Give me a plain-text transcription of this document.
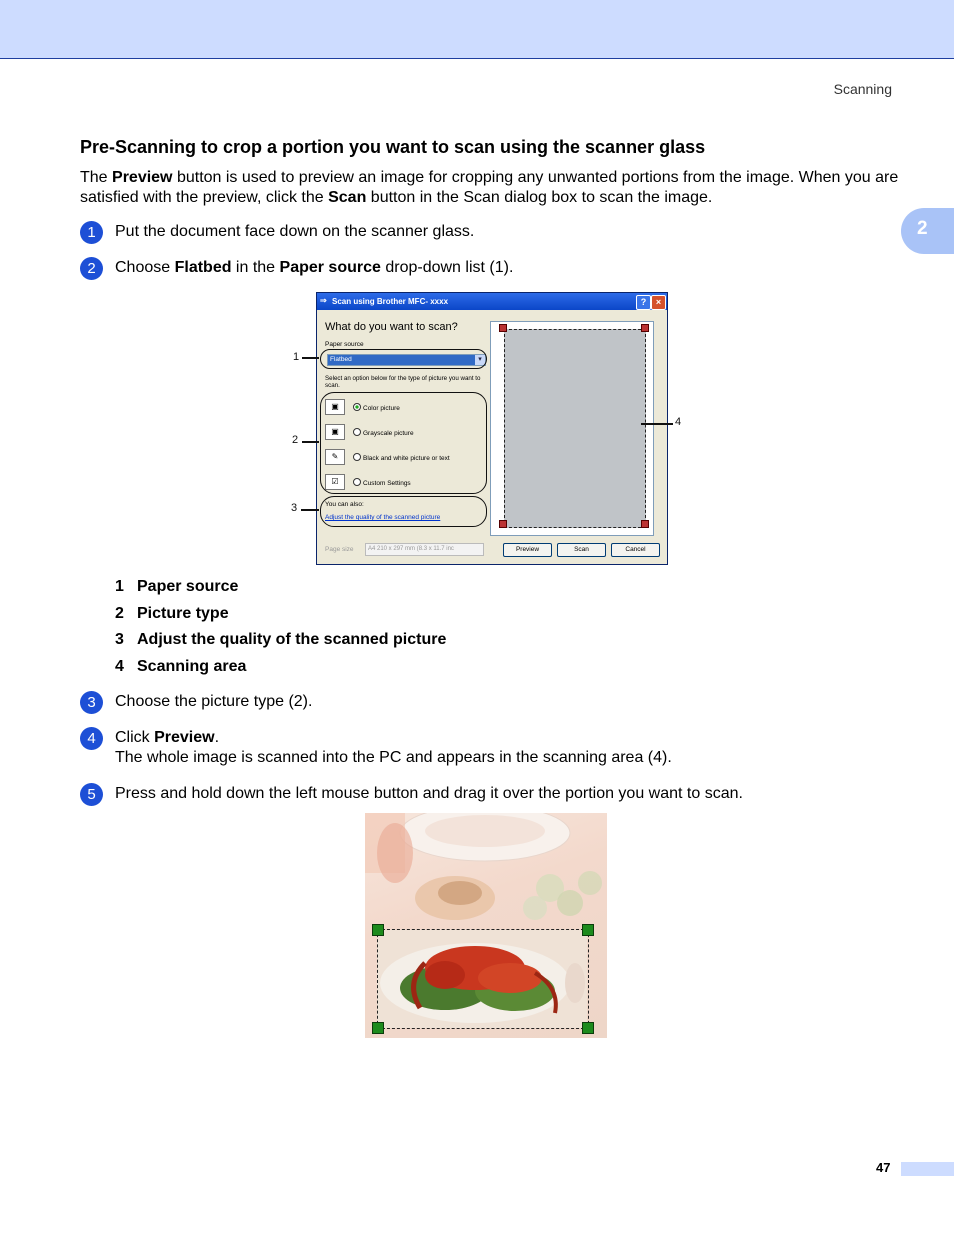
Scanning
2
Pre-Scanning to crop a portion you want to scan using the scanner glass

The Preview button is used to preview an image for cropping any unwanted portions from the image. When you are satisfied with the preview, click the Scan button in the Scan dialog box to scan the image.

1	Put the document face down on the scanner glass.
2	Choose Flatbed in the Paper source drop-down list (1).
⇒ Scan using Brother MFC- xxxx	?	×
What do you want to scan?
Paper source
Flatbed	▾
Select an option below for the type of picture you want to scan.
▣	Color picture
▣	Grayscale picture
✎	Black and white picture or text
☑	Custom Settings
You can also:
Adjust the quality of the scanned picture
Page size	A4 210 x 297 mm (8.3 x 11.7 inc	Preview	Scan	Cancel
1
2
3
4
1 Paper source
2 Picture type
3 Adjust the quality of the scanned picture
4 Scanning area
3	Choose the picture type (2).
4	Click Preview.
The whole image is scanned into the PC and appears in the scanning area (4).
5	Press and hold down the left mouse button and drag it over the portion you want to scan.
47
